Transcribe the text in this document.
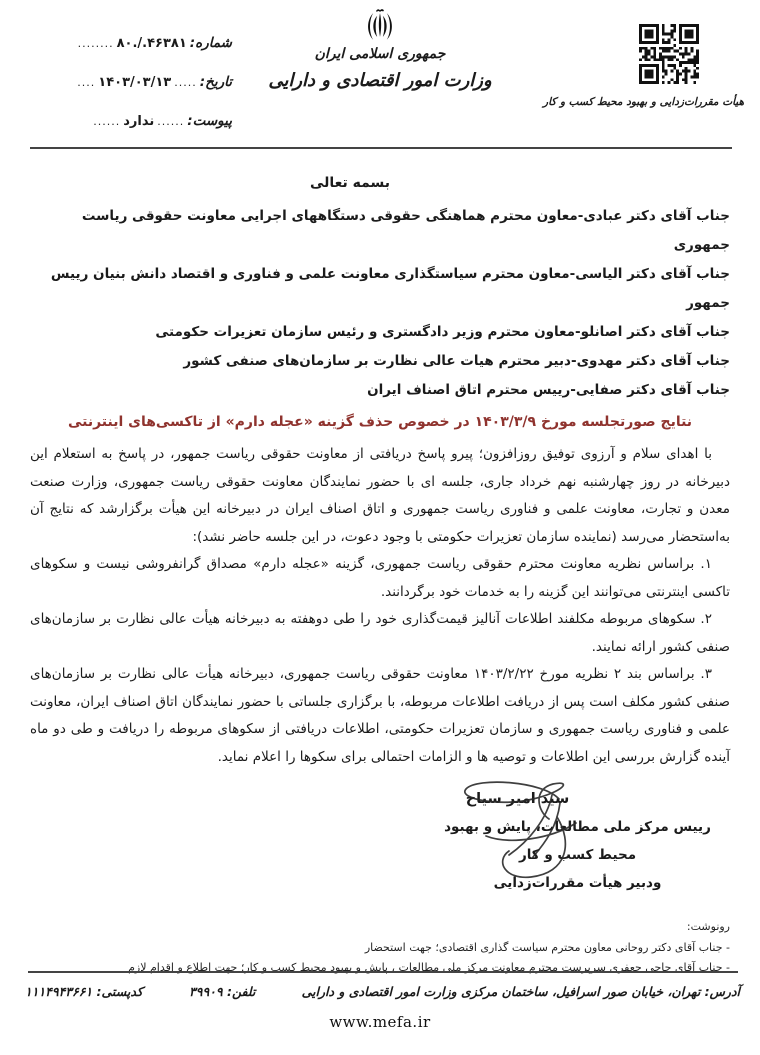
شماره:
۸۰./.۴۶۳۸۱
........
تاریخ:
.....
۱۴۰۳/۰۳/۱۳
....
پیوست:
......
ندارد
......
جمهوری اسلامی ایران
وزارت امور اقتصادی و دارایی
هیأت مقررات‌زدایی و بهبود محیط کسب و کار
بسمه تعالی
جناب آقای دکتر عبادی-معاون محترم هماهنگی حقوقی دستگاههای اجرایی معاونت حقوقی ریاست جمهوری
جناب آقای دکتر الیاسی-معاون محترم سیاستگذاری معاونت علمی و فناوری و اقتصاد دانش بنیان رییس جمهور
جناب آقای دکتر اصانلو-معاون محترم وزیر دادگستری و رئیس سازمان تعزیرات حکومتی
جناب آقای دکتر مهدوی-دبیر محترم هیات عالی نظارت بر سازمان‌های صنفی کشور
جناب آقای دکتر صفایی-رییس محترم اتاق اصناف ایران
نتایج صورتجلسه مورخ ۱۴۰۳/۳/۹ در خصوص حذف گزینه «عجله دارم» از تاکسی‌های اینترنتی

با اهدای سلام و آرزوی توفیق روزافزون؛ پیرو پاسخ دریافتی از معاونت حقوقی ریاست جمهور، در پاسخ به استعلام این دبیرخانه در روز چهارشنبه نهم خرداد جاری، جلسه ای با حضور نمایندگان معاونت حقوقی ریاست جمهوری، وزارت صنعت معدن و تجارت، معاونت علمی و فناوری ریاست جمهوری و اتاق اصناف ایران در دبیرخانه این هیأت برگزارشد که نتایج آن به‌استحضار می‌رسد (نماینده سازمان تعزیرات حکومتی با وجود دعوت، در این جلسه حاضر نشد):

۱. براساس نظریه معاونت محترم حقوقی ریاست جمهوری، گزینه «عجله دارم» مصداق گرانفروشی نیست و سکوهای تاکسی اینترنتی می‌توانند این گزینه را به خدمات خود برگردانند.

۲. سکوهای مربوطه مکلفند اطلاعات آنالیز قیمت‌گذاری خود را طی دوهفته به دبیرخانه هیأت عالی نظارت بر سازمان‌های صنفی کشور ارائه نمایند.

۳. براساس بند ۲ نظریه مورخ ۱۴۰۳/۲/۲۲ معاونت حقوقی ریاست جمهوری، دبیرخانه هیأت عالی نظارت بر سازمان‌های صنفی کشور مکلف است پس از دریافت اطلاعات مربوطه، با برگزاری جلساتی با حضور نمایندگان اتاق اصناف ایران، معاونت علمی و فناوری ریاست جمهوری و سازمان تعزیرات حکومتی، اطلاعات دریافتی از سکوهای مربوطه را دریافت و طی دو ماه آینده گزارش بررسی این اطلاعات و توصیه ها و الزامات احتمالی برای سکوها را اعلام نماید.

سید امیر سیاح
رییس مرکز ملی مطالعات، پایش و بهبود محیط کسب و کار
ودبیر هیأت مقررات‌زدایی
رونوشت:
- جناب آقای دکتر روحانی معاون محترم سیاست گذاری اقتصادی؛ جهت استحضار
- جناب آقای حاجی جعفری سرپرست محترم معاونت مرکز ملی مطالعات ، پایش و بهبود محیط کسب و کار؛ جهت اطلاع و اقدام لازم
آدرس: تهران، خیابان صور اسرافیل، ساختمان مرکزی وزارت امور اقتصادی و دارایی
تلفن: ۳۹۹۰۹
کدپستی: ۱۱۱۴۹۴۳۶۶۱
www.mefa.ir
